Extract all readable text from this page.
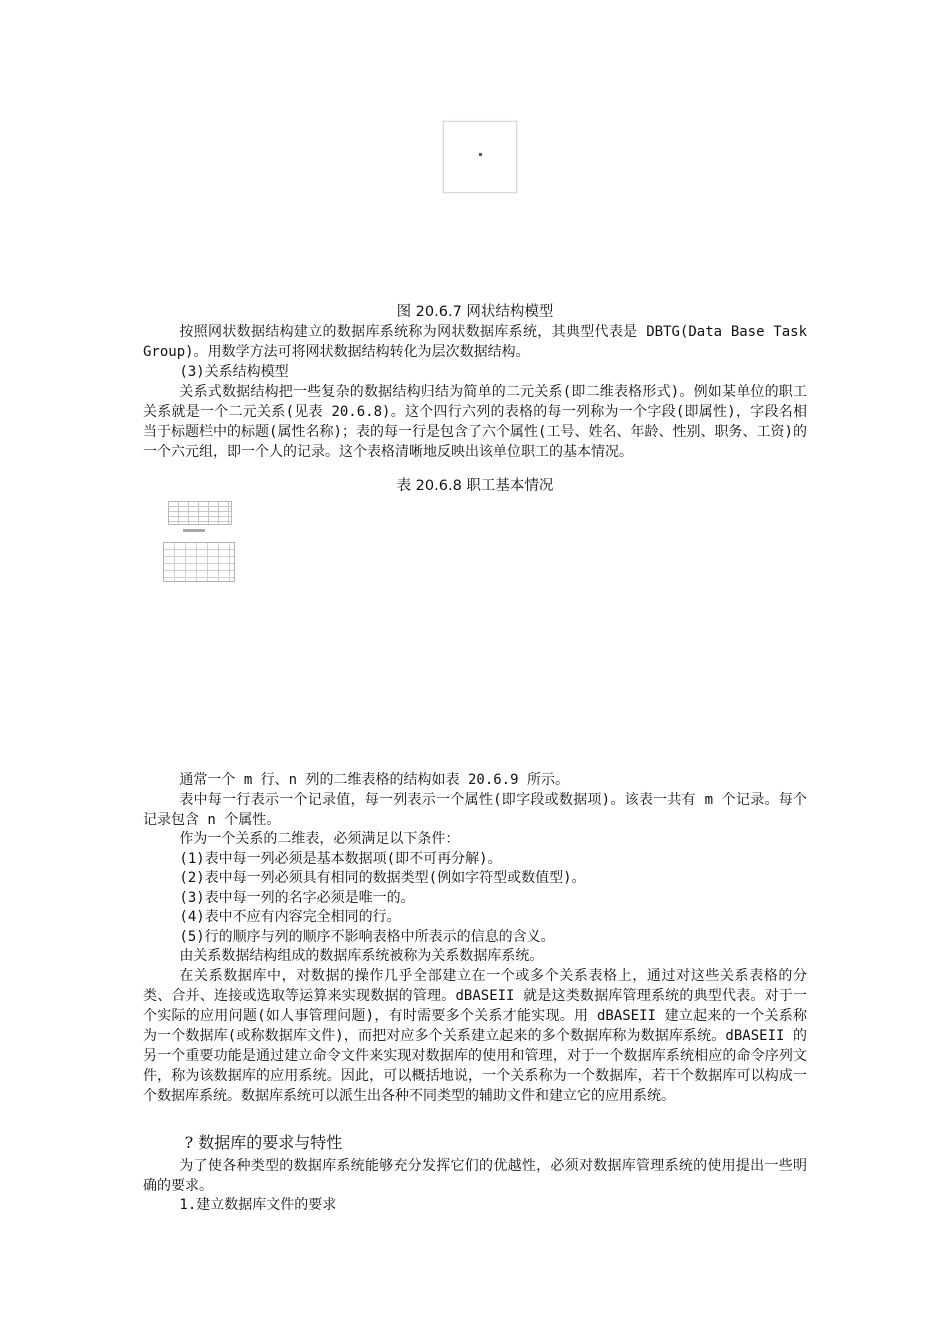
图 20.6.7 网状结构模型
按照网状数据结构建立的数据库系统称为网状数据库系统，其典型代表是 DBTG(Data Base Task Group)。用数学方法可将网状数据结构转化为层次数据结构。
(3)关系结构模型
关系式数据结构把一些复杂的数据结构归结为简单的二元关系(即二维表格形式)。例如某单位的职工关系就是一个二元关系(见表 20.6.8)。这个四行六列的表格的每一列称为一个字段(即属性)，字段名相当于标题栏中的标题(属性名称)；表的每一行是包含了六个属性(工号、姓名、年龄、性别、职务、工资)的一个六元组，即一个人的记录。这个表格清晰地反映出该单位职工的基本情况。
表 20.6.8 职工基本情况
通常一个 m 行、n 列的二维表格的结构如表 20.6.9 所示。
表中每一行表示一个记录值，每一列表示一个属性(即字段或数据项)。该表一共有 m 个记录。每个记录包含 n 个属性。
作为一个关系的二维表，必须满足以下条件：
(1)表中每一列必须是基本数据项(即不可再分解)。
(2)表中每一列必须具有相同的数据类型(例如字符型或数值型)。
(3)表中每一列的名字必须是唯一的。
(4)表中不应有内容完全相同的行。
(5)行的顺序与列的顺序不影响表格中所表示的信息的含义。
由关系数据结构组成的数据库系统被称为关系数据库系统。
在关系数据库中，对数据的操作几乎全部建立在一个或多个关系表格上，通过对这些关系表格的分类、合并、连接或选取等运算来实现数据的管理。dBASEII 就是这类数据库管理系统的典型代表。对于一个实际的应用问题(如人事管理问题)，有时需要多个关系才能实现。用 dBASEII 建立起来的一个关系称为一个数据库(或称数据库文件)，而把对应多个关系建立起来的多个数据库称为数据库系统。dBASEII 的另一个重要功能是通过建立命令文件来实现对数据库的使用和管理，对于一个数据库系统相应的命令序列文件，称为该数据库的应用系统。因此，可以概括地说，一个关系称为一个数据库，若干个数据库可以构成一个数据库系统。数据库系统可以派生出各种不同类型的辅助文件和建立它的应用系统。
? 数据库的要求与特性
为了使各种类型的数据库系统能够充分发挥它们的优越性，必须对数据库管理系统的使用提出一些明确的要求。
1.建立数据库文件的要求
